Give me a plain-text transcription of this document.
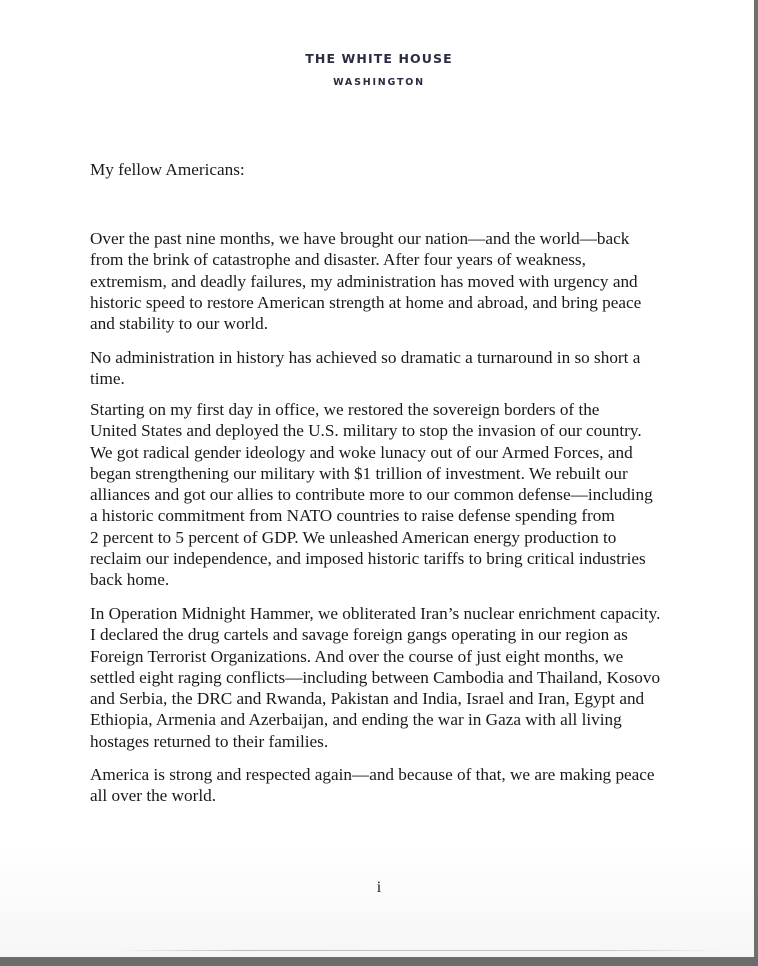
THE WHITE HOUSE
WASHINGTON
My fellow Americans:
Over the past nine months, we have brought our nation—and the world—back
from the brink of catastrophe and disaster. After four years of weakness,
extremism, and deadly failures, my administration has moved with urgency and
historic speed to restore American strength at home and abroad, and bring peace
and stability to our world.
No administration in history has achieved so dramatic a turnaround in so short a
time.
Starting on my first day in office, we restored the sovereign borders of the
United States and deployed the U.S. military to stop the invasion of our country.
We got radical gender ideology and woke lunacy out of our Armed Forces, and
began strengthening our military with $1 trillion of investment. We rebuilt our
alliances and got our allies to contribute more to our common defense—including
a historic commitment from NATO countries to raise defense spending from
2 percent to 5 percent of GDP. We unleashed American energy production to
reclaim our independence, and imposed historic tariffs to bring critical industries
back home.
In Operation Midnight Hammer, we obliterated Iran’s nuclear enrichment capacity.
I declared the drug cartels and savage foreign gangs operating in our region as
Foreign Terrorist Organizations. And over the course of just eight months, we
settled eight raging conflicts—including between Cambodia and Thailand, Kosovo
and Serbia, the DRC and Rwanda, Pakistan and India, Israel and Iran, Egypt and
Ethiopia, Armenia and Azerbaijan, and ending the war in Gaza with all living
hostages returned to their families.
America is strong and respected again—and because of that, we are making peace
all over the world.
i
